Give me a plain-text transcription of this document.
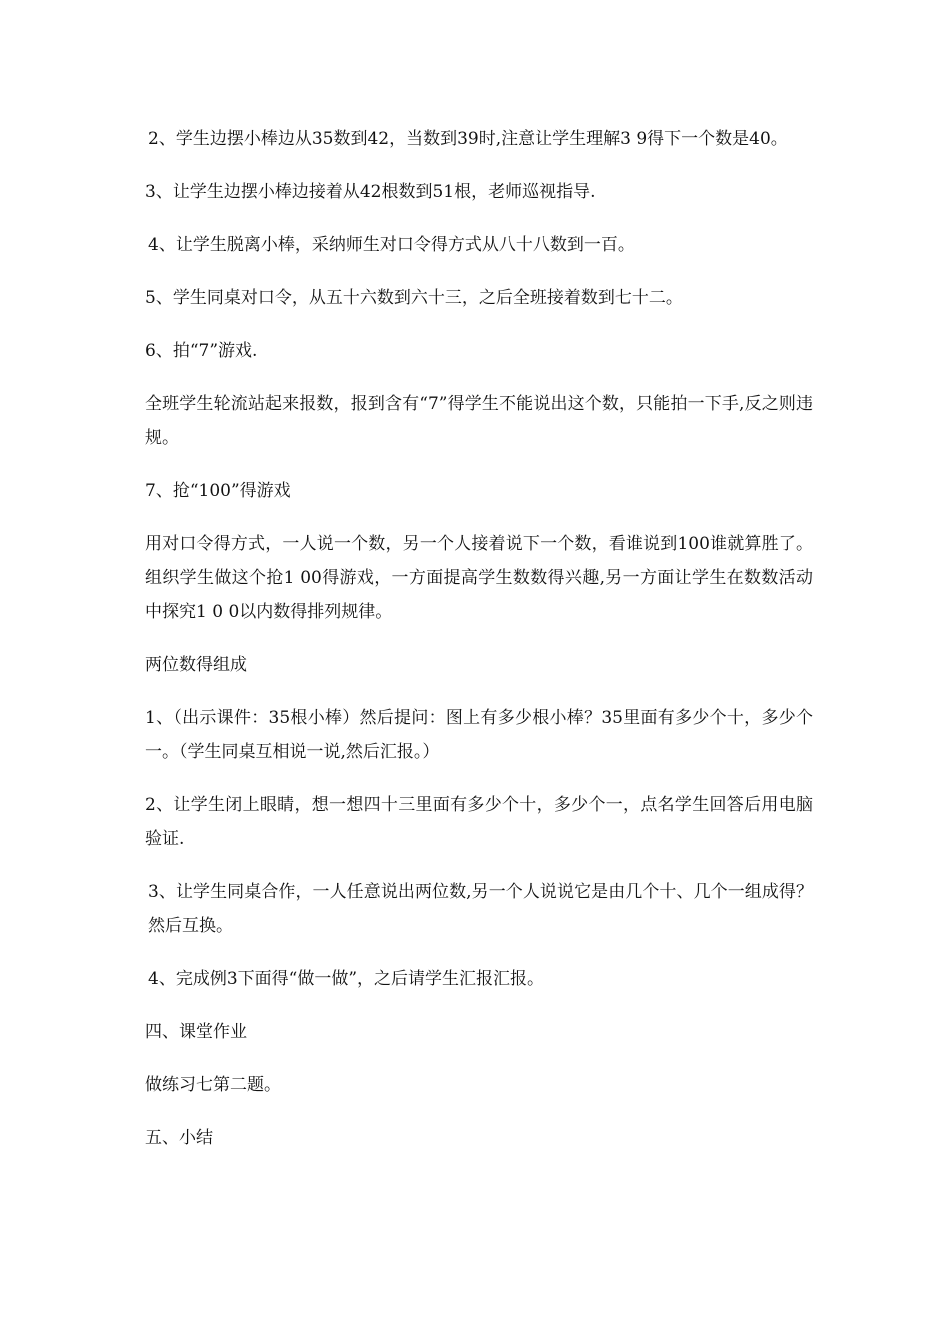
2、学生边摆小棒边从35数到42，当数到39时,注意让学生理解3 9得下一个数是40。

3、让学生边摆小棒边接着从42根数到51根，老师巡视指导.

4、让学生脱离小棒，采纳师生对口令得方式从八十八数到一百。

5、学生同桌对口令，从五十六数到六十三，之后全班接着数到七十二。

6、拍“7”游戏.

全班学生轮流站起来报数，报到含有“7”得学生不能说出这个数，只能拍一下手,反之则违规。

7、抢“100”得游戏

用对口令得方式，一人说一个数，另一个人接着说下一个数，看谁说到100谁就算胜了。组织学生做这个抢1 00得游戏，一方面提高学生数数得兴趣,另一方面让学生在数数活动中探究1 0 0以内数得排列规律。

两位数得组成

1、（出示课件：35根小棒）然后提问：图上有多少根小棒？35里面有多少个十，多少个一。（学生同桌互相说一说,然后汇报。）

2、让学生闭上眼睛，想一想四十三里面有多少个十，多少个一，点名学生回答后用电脑验证.

3、让学生同桌合作，一人任意说出两位数,另一个人说说它是由几个十、几个一组成得？然后互换。

4、完成例3下面得“做一做”，之后请学生汇报汇报。

四、课堂作业

做练习七第二题。

五、小结
